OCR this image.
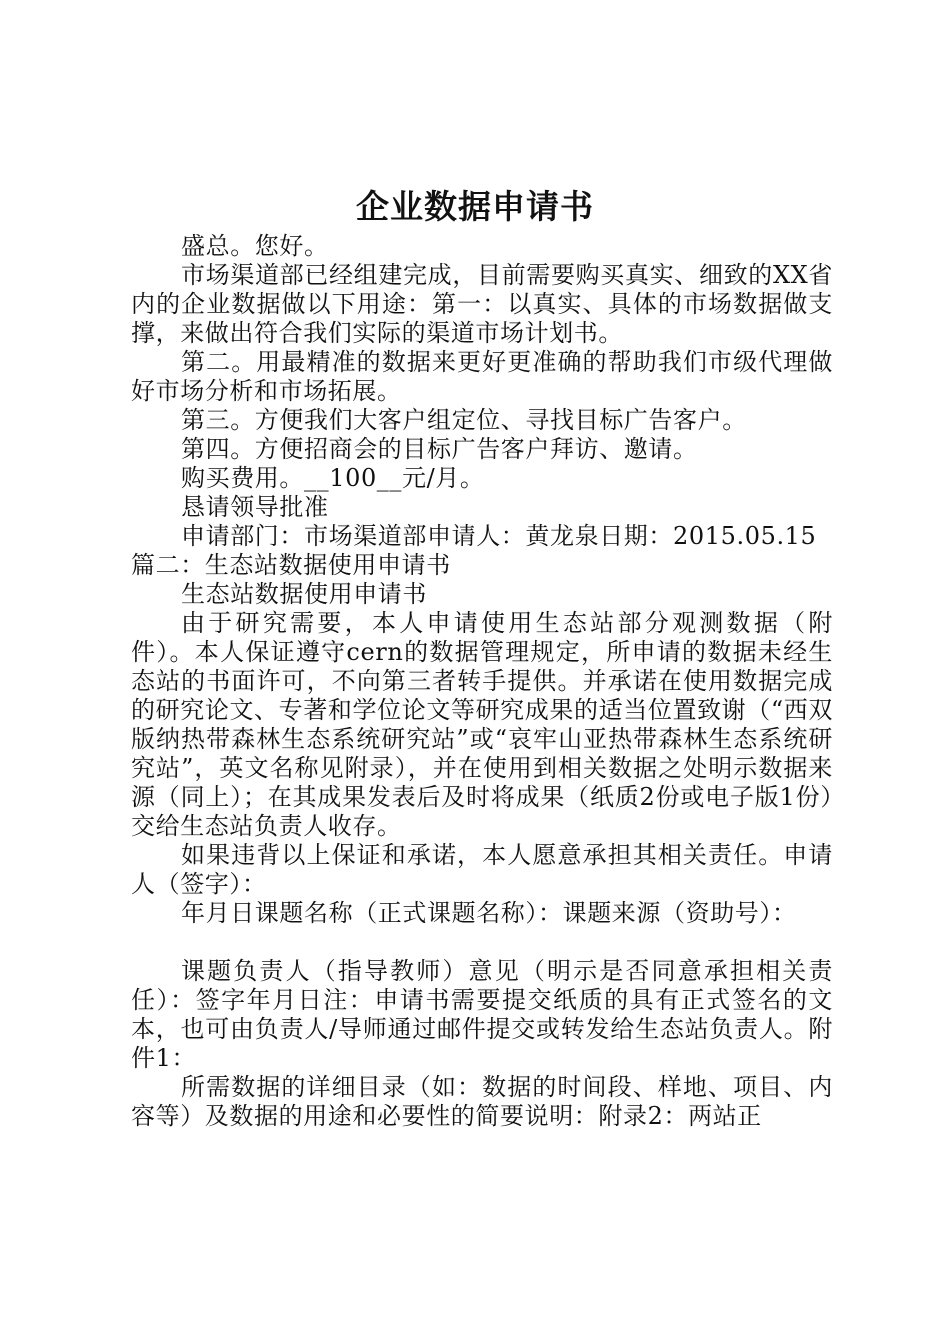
企业数据申请书

盛总。您好。

市场渠道部已经组建完成，目前需要购买真实、细致的XX省内的企业数据做以下用途：第一：以真实、具体的市场数据做支撑，来做出符合我们实际的渠道市场计划书。

第二。用最精准的数据来更好更准确的帮助我们市级代理做好市场分析和市场拓展。

第三。方便我们大客户组定位、寻找目标广告客户。

第四。方便招商会的目标广告客户拜访、邀请。

购买费用。__100__元/月。

恳请领导批准

申请部门：市场渠道部申请人：黄龙泉日期：2015.05.15

篇二：生态站数据使用申请书

生态站数据使用申请书

由于研究需要，本人申请使用生态站部分观测数据（附件）。本人保证遵守cern的数据管理规定，所申请的数据未经生态站的书面许可，不向第三者转手提供。并承诺在使用数据完成的研究论文、专著和学位论文等研究成果的适当位置致谢（“西双版纳热带森林生态系统研究站”或“哀牢山亚热带森林生态系统研究站”，英文名称见附录），并在使用到相关数据之处明示数据来源（同上）；在其成果发表后及时将成果（纸质2份或电子版1份）交给生态站负责人收存。

如果违背以上保证和承诺，本人愿意承担其相关责任。申请人（签字）：

年月日课题名称（正式课题名称）：课题来源（资助号）：

课题负责人（指导教师）意见（明示是否同意承担相关责任）：签字年月日注：申请书需要提交纸质的具有正式签名的文本，也可由负责人/导师通过邮件提交或转发给生态站负责人。附件1：

所需数据的详细目录（如：数据的时间段、样地、项目、内容等）及数据的用途和必要性的简要说明：附录2：两站正
